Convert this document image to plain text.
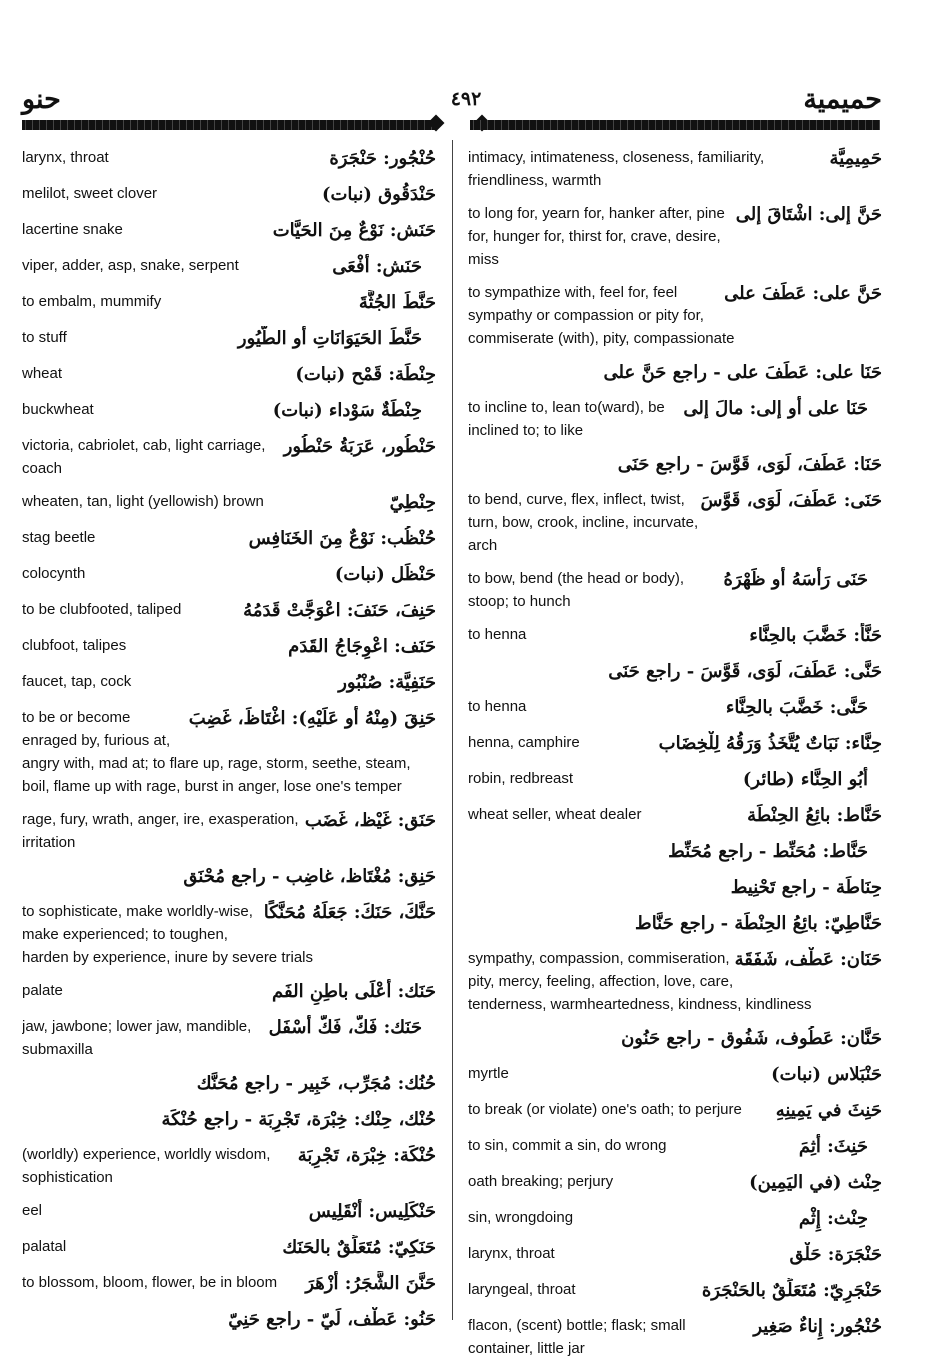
حنو	٤٩٢	حميمية
حُنْجُور: حَنْجَرَة
larynx, throat
حَنْدَقُوق (نبات)
melilot, sweet clover
حَنَش: نَوْعٌ مِنَ الحَيَّات
lacertine snake
حَنَش: أَفْعَى
viper, adder, asp, snake, serpent
حَنَّطَ الجُثَّةَ
to embalm, mummify
حَنَّطَ الحَيَوَانَاتِ أو الطُّيُور
to stuff
حِنْطَة: قَمْح (نبات)
wheat
حِنْطَةٌ سَوْداء (نبات)
buckwheat
حَنْطُور، عَرَبَةُ حَنْطُور
victoria, cabriolet, cab, light carriage, coach
حِنْطِيّ
wheaten, tan, light (yellowish) brown
حُنْظُب: نَوْعٌ مِنَ الخَنَافِس
stag beetle
حَنْظَل (نبات)
colocynth
حَنِفَ، حَنَفَ: اعْوَجَّتْ قَدَمُهُ
to be clubfooted, taliped
حَنَف: اعْوِجَاجُ القَدَم
clubfoot, talipes
حَنَفِيَّة: صُنْبُور
faucet, tap, cock
حَنِقَ (مِنْهُ أو عَلَيْهِ): اغْتَاظَ، غَضِبَ
to be or become enraged by, furious at, angry with, mad at; to flare up, rage, storm, seethe, steam, boil, flame up with rage, burst in anger, lose one's temper
حَنَق: غَيْظ، غَضَب
rage, fury, wrath, anger, ire, exasperation, irritation
حَنِق: مُغْتَاظ، غاضِب - راجع مُحْنَق
حَنَّكَ، حَنَكَ: جَعَلَهُ مُحَنَّكًا
to sophisticate, make worldly-wise, make experienced; to toughen, harden by experience, inure by severe trials
حَنَك: أَعْلَى باطِنِ الفَم
palate
حَنَك: فَكّ، فَكٌّ أَسْفَل
jaw, jawbone; lower jaw, mandible, submaxilla
حُنُك: مُجَرِّب، خَبِير - راجع مُحَنَّك
حُنْك، حِنْك: خِبْرَة، تَجْرِبَة - راجع حُنْكَة
حُنْكَة: خِبْرَة، تَجْرِبَة
(worldly) experience, worldly wisdom, sophistication
حَنْكَلِيس: أَنْقَلِيس
eel
حَنَكِيّ: مُتَعَلِّقٌ بالحَنَك
palatal
حَنَّنَ الشَّجَرُ: أَزْهَرَ
to blossom, bloom, flower, be in bloom
حَنُو: عَطْف، لَيّ - راجع حَنِيّ
حَمِيمِيَّة
intimacy, intimateness, closeness, familiarity, friendliness, warmth
حَنَّ إلى: اشْتَاقَ إلى
to long for, yearn for, hanker after, pine for, hunger for, thirst for, crave, desire, miss
حَنَّ على: عَطَفَ على
to sympathize with, feel for, feel sympathy or compassion or pity for, commiserate (with), pity, compassionate
حَنَا على: عَطَفَ على - راجع حَنَّ على
حَنَا على أو إلى: مالَ إلى
to incline to, lean to(ward), be inclined to; to like
حَنَا: عَطَفَ، لَوَى، قَوَّسَ - راجع حَنَى
حَنَى: عَطَفَ، لَوَى، قَوَّسَ
to bend, curve, flex, inflect, twist, turn, bow, crook, incline, incurvate, arch
حَنَى رَأْسَهُ أو ظَهْرَهُ
to bow, bend (the head or body), stoop; to hunch
حَنَّأ: خَضَّبَ بالحِنَّاء
to henna
حَنَّى: عَطَفَ، لَوَى، قَوَّسَ - راجع حَنَى
حَنَّى: خَضَّبَ بالحِنَّاء
to henna
حِنَّاء: نَبَاتٌ يُتَّخَذُ وَرَقُهُ لِلْخِضَاب
henna, camphire
أَبُو الحِنَّاء (طائر)
robin, redbreast
حَنَّاط: بائِعُ الحِنْطَة
wheat seller, wheat dealer
حَنَّاط: مُحَنِّط - راجع مُحَنِّط
حِنَاطَة - راجع تَحْنِيط
حَنَّاطِيّ: بائِعُ الحِنْطَة - راجع حَنَّاط
حَنَان: عَطْف، شَفَقَة
sympathy, compassion, commiseration, pity, mercy, feeling, affection, love, care, tenderness, warmheartedness, kindness, kindliness
حَنَّان: عَطُوف، شَفُوق - راجع حَنُون
حَنْبَلاس (نبات)
myrtle
حَنِثَ في يَمِينِهِ
to break (or violate) one's oath; to perjure
حَنِثَ: أَثِمَ
to sin, commit a sin, do wrong
حِنْث (في اليَمِين)
oath breaking; perjury
حِنْث: إِثْم
sin, wrongdoing
حَنْجَرَة: حَلْق
larynx, throat
حَنْجَرِيّ: مُتَعَلِّقٌ بالحَنْجَرَة
laryngeal, throat
حُنْجُور: إِناءٌ صَغِير
flacon, (scent) bottle; flask; small container, little jar
